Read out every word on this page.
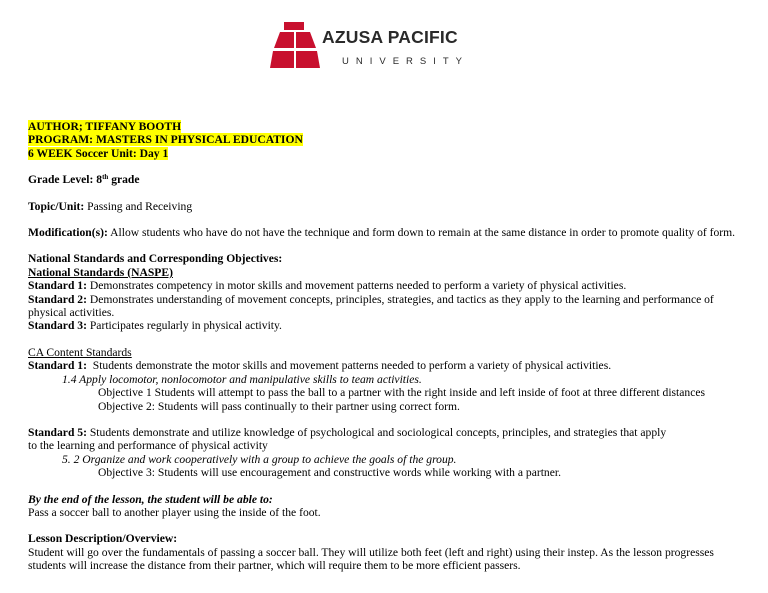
AZUSA PACIFIC
UNIVERSITY

AUTHOR; TIFFANY BOOTH

PROGRAM: MASTERS IN PHYSICAL EDUCATION

6 WEEK Soccer Unit: Day 1

Grade Level: 8th grade

Topic/Unit: Passing and Receiving

Modification(s): Allow students who have do not have the technique and form down to remain at the same distance in order to promote quality of form.

National Standards and Corresponding Objectives:

National Standards (NASPE)

Standard 1: Demonstrates competency in motor skills and movement patterns needed to perform a variety of physical activities.

Standard 2: Demonstrates understanding of movement concepts, principles, strategies, and tactics as they apply to the learning and performance of physical activities.

Standard 3: Participates regularly in physical activity.

CA Content Standards

Standard 1: Students demonstrate the motor skills and movement patterns needed to perform a variety of physical activities.

1.4 Apply locomotor, nonlocomotor and manipulative skills to team activities.

Objective 1 Students will attempt to pass the ball to a partner with the right inside and left inside of foot at three different distances

Objective 2: Students will pass continually to their partner using correct form.

Standard 5: Students demonstrate and utilize knowledge of psychological and sociological concepts, principles, and strategies that apply

to the learning and performance of physical activity

5. 2 Organize and work cooperatively with a group to achieve the goals of the group.

Objective 3: Students will use encouragement and constructive words while working with a partner.

By the end of the lesson, the student will be able to:

Pass a soccer ball to another player using the inside of the foot.

Lesson Description/Overview:

Student will go over the fundamentals of passing a soccer ball. They will utilize both feet (left and right) using their instep. As the lesson progresses students will increase the distance from their partner, which will require them to be more efficient passers.
